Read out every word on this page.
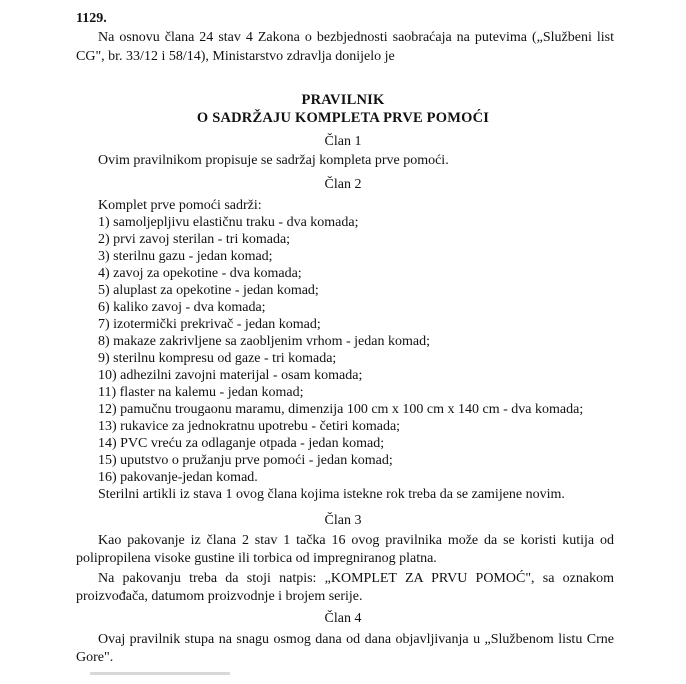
1129.
Na osnovu člana 24 stav 4 Zakona o bezbjednosti saobraćaja na putevima („Službeni list
CG", br. 33/12 i 58/14), Ministarstvo zdravlja donijelo je
PRAVILNIK
O SADRŽAJU KOMPLETA PRVE POMOĆI
Član 1
Ovim pravilnikom propisuje se sadržaj kompleta prve pomoći.
Član 2
Komplet prve pomoći sadrži:
1) samoljepljivu elastičnu traku - dva komada;
2) prvi zavoj sterilan - tri komada;
3) sterilnu gazu - jedan komad;
4) zavoj za opekotine - dva komada;
5) aluplast za opekotine - jedan komad;
6) kaliko zavoj - dva komada;
7) izotermički prekrivač - jedan komad;
8) makaze zakrivljene sa zaobljenim vrhom - jedan komad;
9) sterilnu kompresu od gaze - tri komada;
10) adhezilni zavojni materijal - osam komada;
11) flaster na kalemu - jedan komad;
12) pamučnu trougaonu maramu, dimenzija 100 cm x 100 cm x 140 cm - dva komada;
13) rukavice za jednokratnu upotrebu - četiri komada;
14) PVC vreću za odlaganje otpada - jedan komad;
15) uputstvo o pružanju prve pomoći - jedan komad;
16) pakovanje-jedan komad.
Sterilni artikli iz stava 1 ovog člana kojima istekne rok treba da se zamijene novim.
Član 3
Kao pakovanje iz člana 2 stav 1 tačka 16 ovog pravilnika može da se koristi kutija od
polipropilena visoke gustine ili torbica od impregniranog platna.
Na pakovanju treba da stoji natpis: „KOMPLET ZA PRVU POMOĆ", sa oznakom
proizvođača, datumom proizvodnje i brojem serije.
Član 4
Ovaj pravilnik stupa na snagu osmog dana od dana objavljivanja u „Službenom listu Crne
Gore".
